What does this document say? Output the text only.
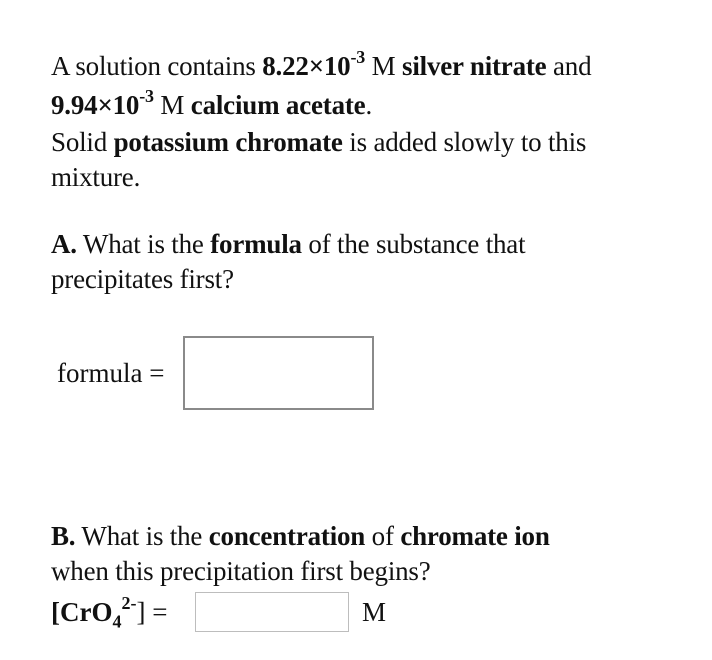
A solution contains $8.22\times 10^{-3}$ M silver nitrate and
$9.94\times 10^{-3}$ M calcium acetate.
Solid potassium chromate is added slowly to this
mixture.
A. What is the formula of the substance that
precipitates first?
formula =
B. What is the concentration of chromate ion
when this precipitation first begins?
[CrO$_4^{2-}$] =	M
